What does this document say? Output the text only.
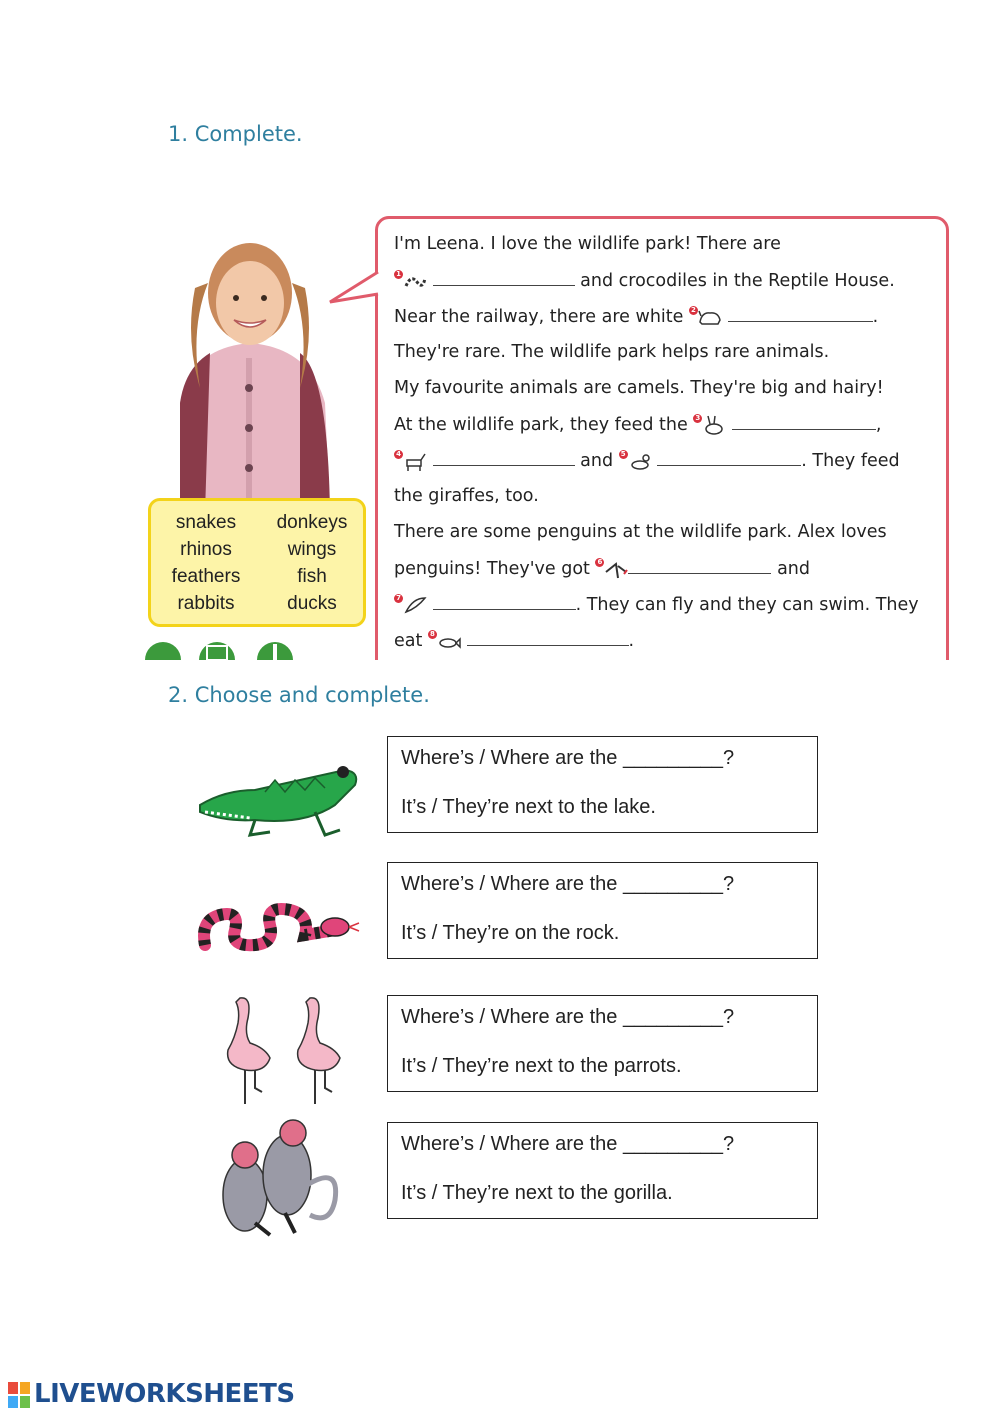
1. Complete.
snakes	donkeys
rhinos	wings
feathers	fish
rabbits	ducks
I'm Leena. I love the wildlife park! There are
1	and crocodiles in the Reptile House.
Near the railway, there are white 2	.
They're rare. The wildlife park helps rare animals.
My favourite animals are camels. They're big and hairy!
At the wildlife park, they feed the 3	,
4	and 5	. They feed
the giraffes, too.
There are some penguins at the wildlife park. Alex loves
penguins! They've got 6	and
7	. They can fly and they can swim. They
eat 8	.
2. Choose and complete.
Where’s / Where are the _________?
It’s / They’re next to the lake.
Where’s / Where are the _________?
It’s / They’re on the rock.
Where’s / Where are the _________?
It’s / They’re next to the parrots.
Where’s / Where are the _________?
It’s / They’re next to the gorilla.
LIVEWORKSHEETS
